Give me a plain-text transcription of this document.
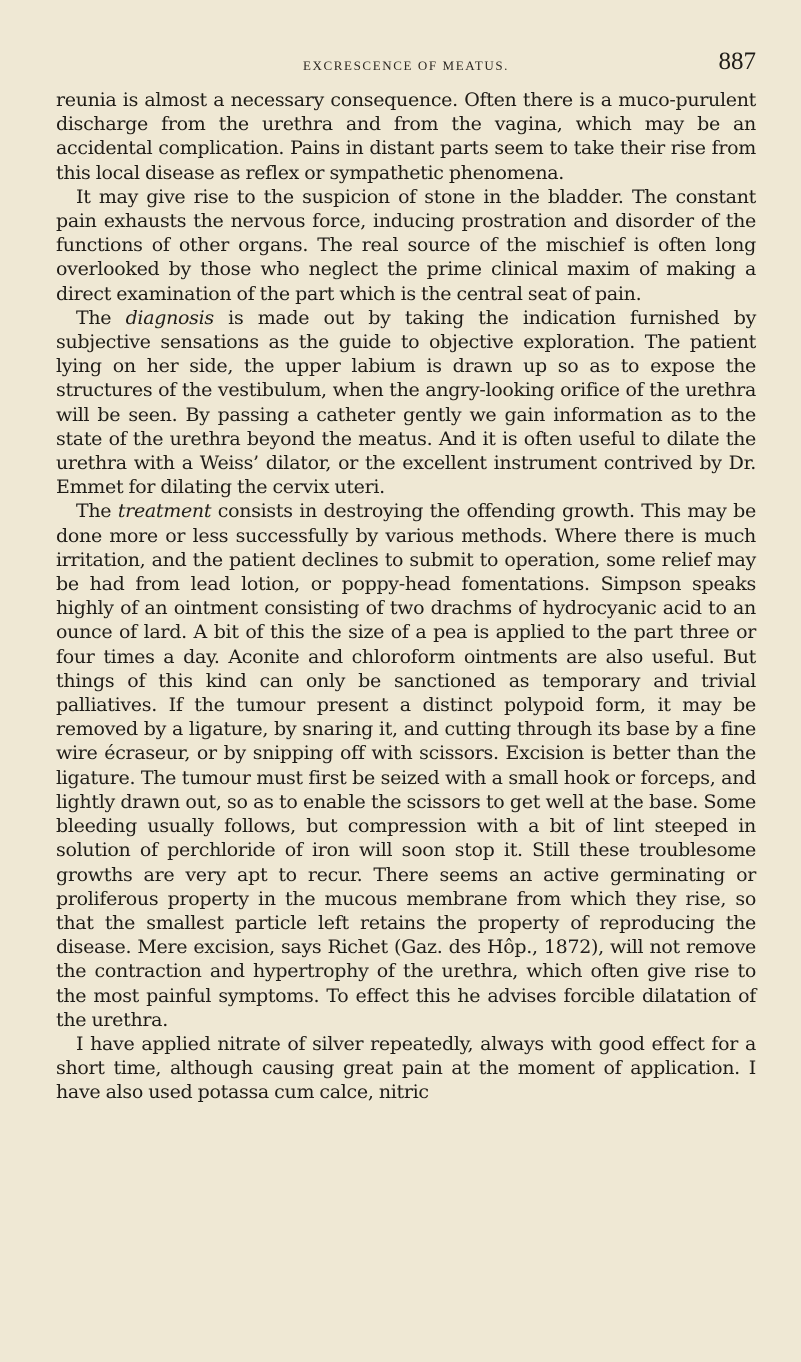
EXCRESCENCE OF MEATUS.	887

reunia is almost a necessary consequence. Often there is a muco-purulent discharge from the urethra and from the vagina, which may be an accidental complication. Pains in distant parts seem to take their rise from this local disease as reflex or sympathetic phenomena.

It may give rise to the suspicion of stone in the bladder. The constant pain exhausts the nervous force, inducing prostration and disorder of the functions of other organs. The real source of the mischief is often long overlooked by those who neglect the prime clinical maxim of making a direct examination of the part which is the central seat of pain.

The diagnosis is made out by taking the indication furnished by subjective sensations as the guide to objective exploration. The patient lying on her side, the upper labium is drawn up so as to expose the structures of the vestibulum, when the angry-looking orifice of the urethra will be seen. By passing a catheter gently we gain information as to the state of the urethra beyond the meatus. And it is often useful to dilate the urethra with a Weiss’ dilator, or the excellent instrument contrived by Dr. Emmet for dilating the cervix uteri.

The treatment consists in destroying the offending growth. This may be done more or less successfully by various methods. Where there is much irritation, and the patient declines to submit to operation, some relief may be had from lead lotion, or poppy-head fomentations. Simpson speaks highly of an ointment consisting of two drachms of hydrocyanic acid to an ounce of lard. A bit of this the size of a pea is applied to the part three or four times a day. Aconite and chloroform ointments are also useful. But things of this kind can only be sanctioned as temporary and trivial palliatives. If the tumour present a distinct polypoid form, it may be removed by a ligature, by snaring it, and cutting through its base by a fine wire écraseur, or by snipping off with scissors. Excision is better than the ligature. The tumour must first be seized with a small hook or forceps, and lightly drawn out, so as to enable the scissors to get well at the base. Some bleeding usually follows, but compression with a bit of lint steeped in solution of perchloride of iron will soon stop it. Still these troublesome growths are very apt to recur. There seems an active germinating or proliferous property in the mucous membrane from which they rise, so that the smallest particle left retains the property of reproducing the disease. Mere excision, says Richet (Gaz. des Hôp., 1872), will not remove the contraction and hypertrophy of the urethra, which often give rise to the most painful symptoms. To effect this he advises forcible dilatation of the urethra.

I have applied nitrate of silver repeatedly, always with good effect for a short time, although causing great pain at the moment of application. I have also used potassa cum calce, nitric
